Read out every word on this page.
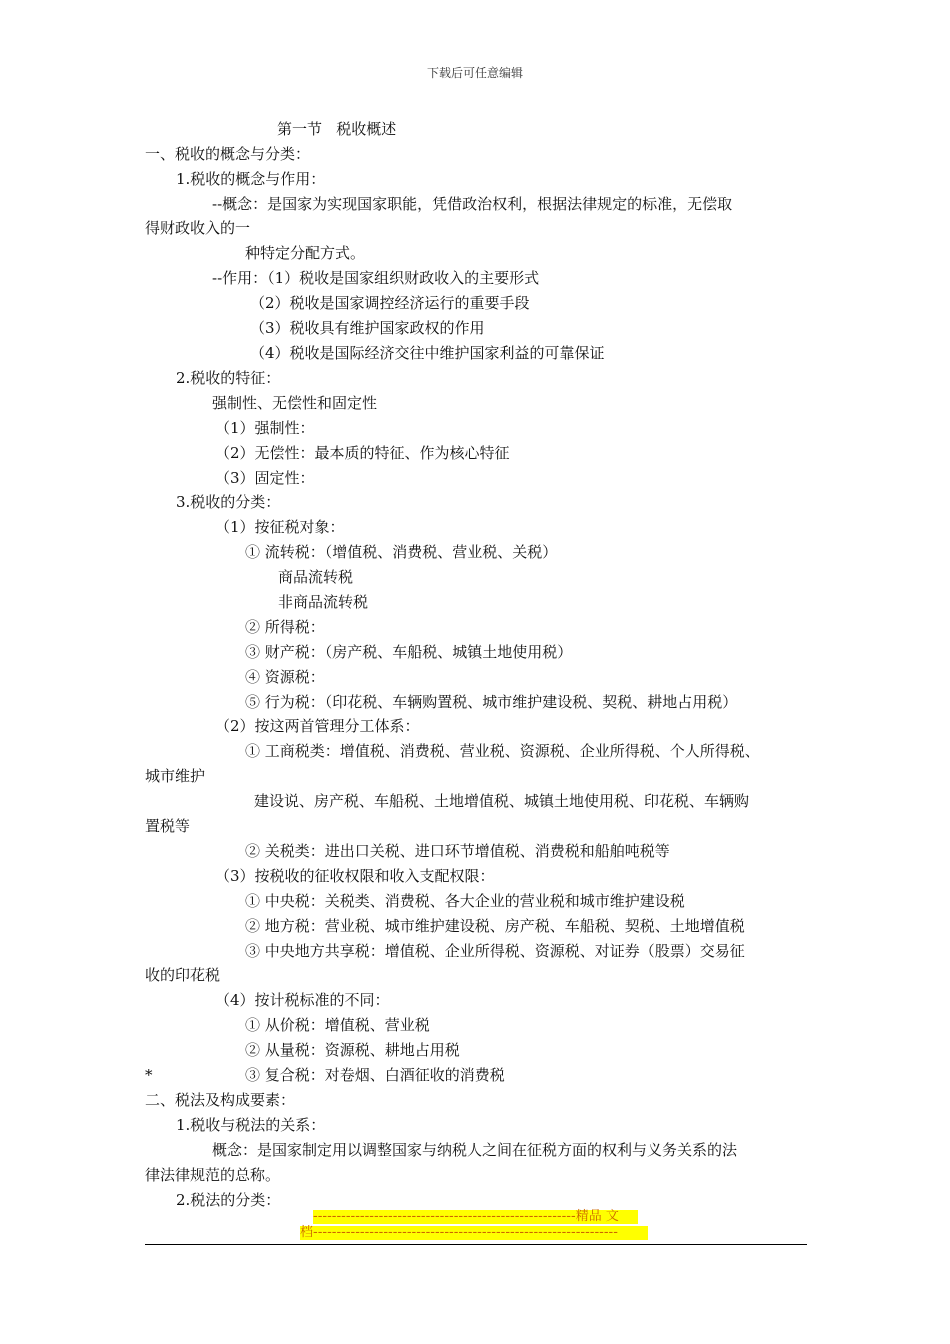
下载后可任意编辑
第一节   税收概述
一、税收的概念与分类：
1.税收的概念与作用：
--概念：是国家为实现国家职能，凭借政治权利，根据法律规定的标准，无偿取
得财政收入的一
种特定分配方式。
--作用：（1）税收是国家组织财政收入的主要形式
（2）税收是国家调控经济运行的重要手段
（3）税收具有维护国家政权的作用
（4）税收是国际经济交往中维护国家利益的可靠保证
2.税收的特征：
强制性、无偿性和固定性
（1）强制性：
（2）无偿性：最本质的特征、作为核心特征
（3）固定性：
3.税收的分类：
（1）按征税对象：
① 流转税：（增值税、消费税、营业税、关税）
商品流转税
非商品流转税
② 所得税：
③ 财产税：（房产税、车船税、城镇土地使用税）
④ 资源税：
⑤ 行为税：（印花税、车辆购置税、城市维护建设税、契税、耕地占用税）
（2）按这两首管理分工体系：
① 工商税类：增值税、消费税、营业税、资源税、企业所得税、个人所得税、
城市维护
建设说、房产税、车船税、土地增值税、城镇土地使用税、印花税、车辆购
置税等
② 关税类：进出口关税、进口环节增值税、消费税和船舶吨税等
（3）按税收的征收权限和收入支配权限：
① 中央税：关税类、消费税、各大企业的营业税和城市维护建设税
② 地方税：营业税、城市维护建设税、房产税、车船税、契税、土地增值税
③ 中央地方共享税：增值税、企业所得税、资源税、对证券（股票）交易征
收的印花税
（4）按计税标准的不同：
① 从价税：增值税、营业税
② 从量税：资源税、耕地占用税
*	③ 复合税：对卷烟、白酒征收的消费税
二、税法及构成要素：
1.税收与税法的关系：
概念：是国家制定用以调整国家与纳税人之间在征税方面的权利与义务关系的法
律法律规范的总称。
2.税法的分类：
--------------------------------------------------------精品 文
档-----------------------------------------------------------------
